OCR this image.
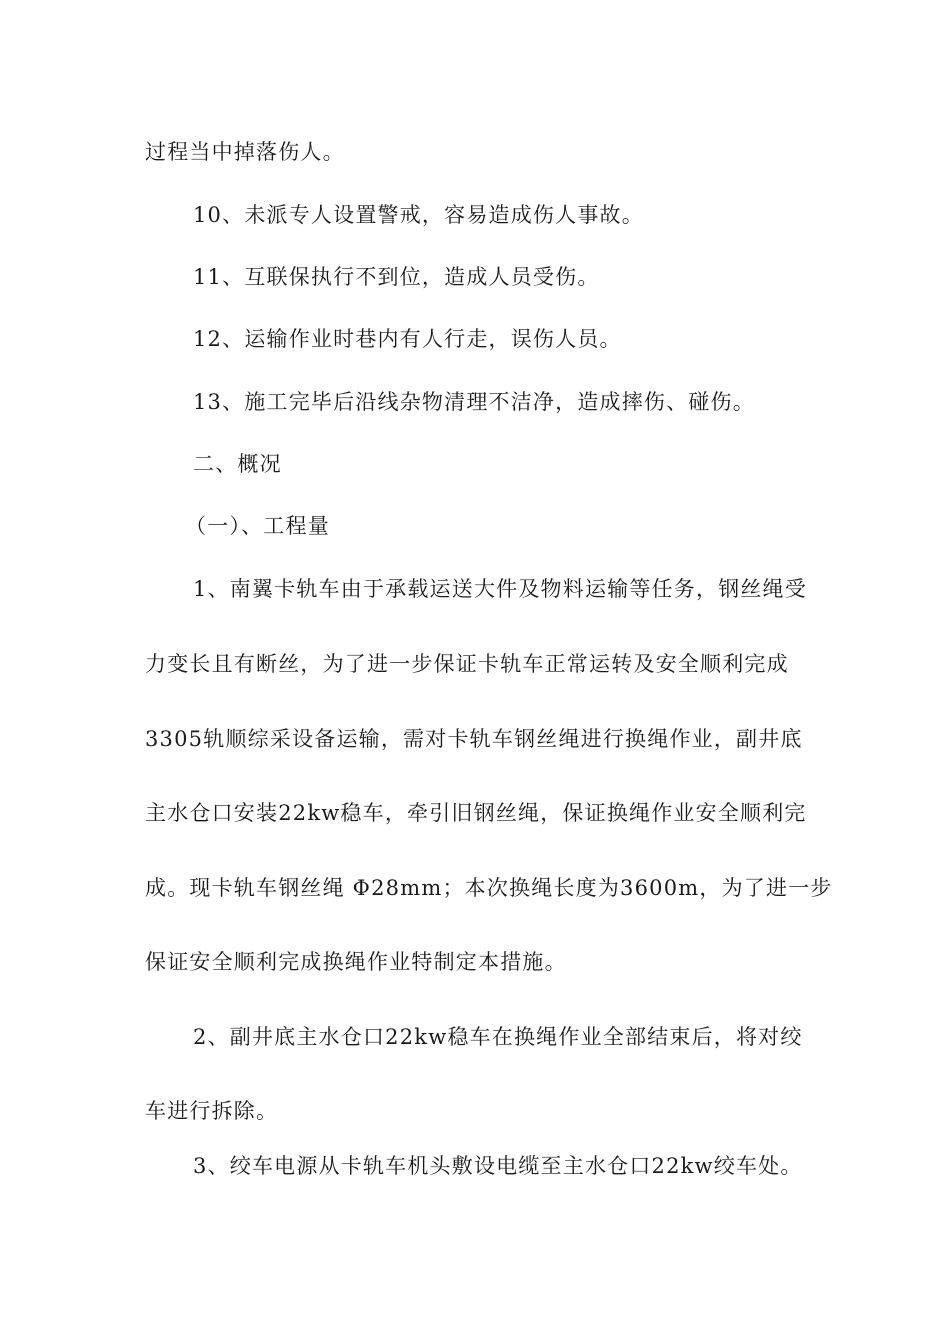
过程当中掉落伤人。
10、未派专人设置警戒，容易造成伤人事故。
11、互联保执行不到位，造成人员受伤。
12、运输作业时巷内有人行走，误伤人员。
13、施工完毕后沿线杂物清理不洁净，造成摔伤、碰伤。
二、概况
（一）、工程量
1、南翼卡轨车由于承载运送大件及物料运输等任务，钢丝绳受
力变长且有断丝，为了进一步保证卡轨车正常运转及安全顺利完成
3305轨顺综采设备运输，需对卡轨车钢丝绳进行换绳作业，副井底
主水仓口安装22kw稳车，牵引旧钢丝绳，保证换绳作业安全顺利完
成。现卡轨车钢丝绳 Φ28mm；本次换绳长度为3600m，为了进一步
保证安全顺利完成换绳作业特制定本措施。
2、副井底主水仓口22kw稳车在换绳作业全部结束后，将对绞
车进行拆除。
3、绞车电源从卡轨车机头敷设电缆至主水仓口22kw绞车处。
